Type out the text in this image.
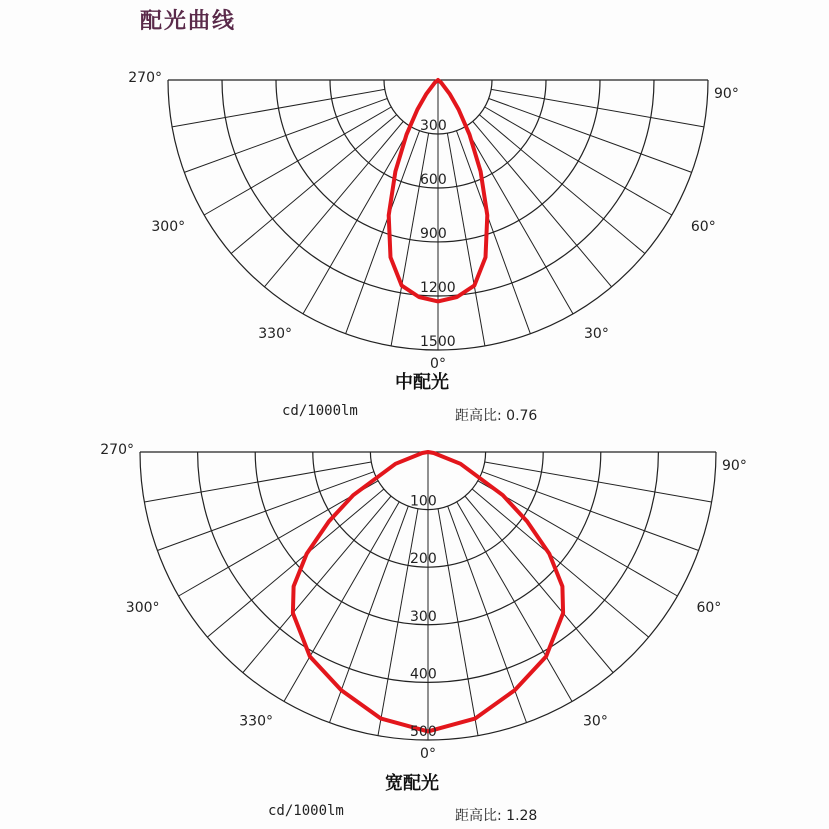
配光曲线
300
600
900
1200
1500
270°
300°
330°
0°
30°
60°
90°
中配光
cd/1000lm	距高比: 0.76
100
200
300
400
500
270°
300°
330°
0°
30°
60°
90°
宽配光
cd/1000lm	距高比: 1.28
